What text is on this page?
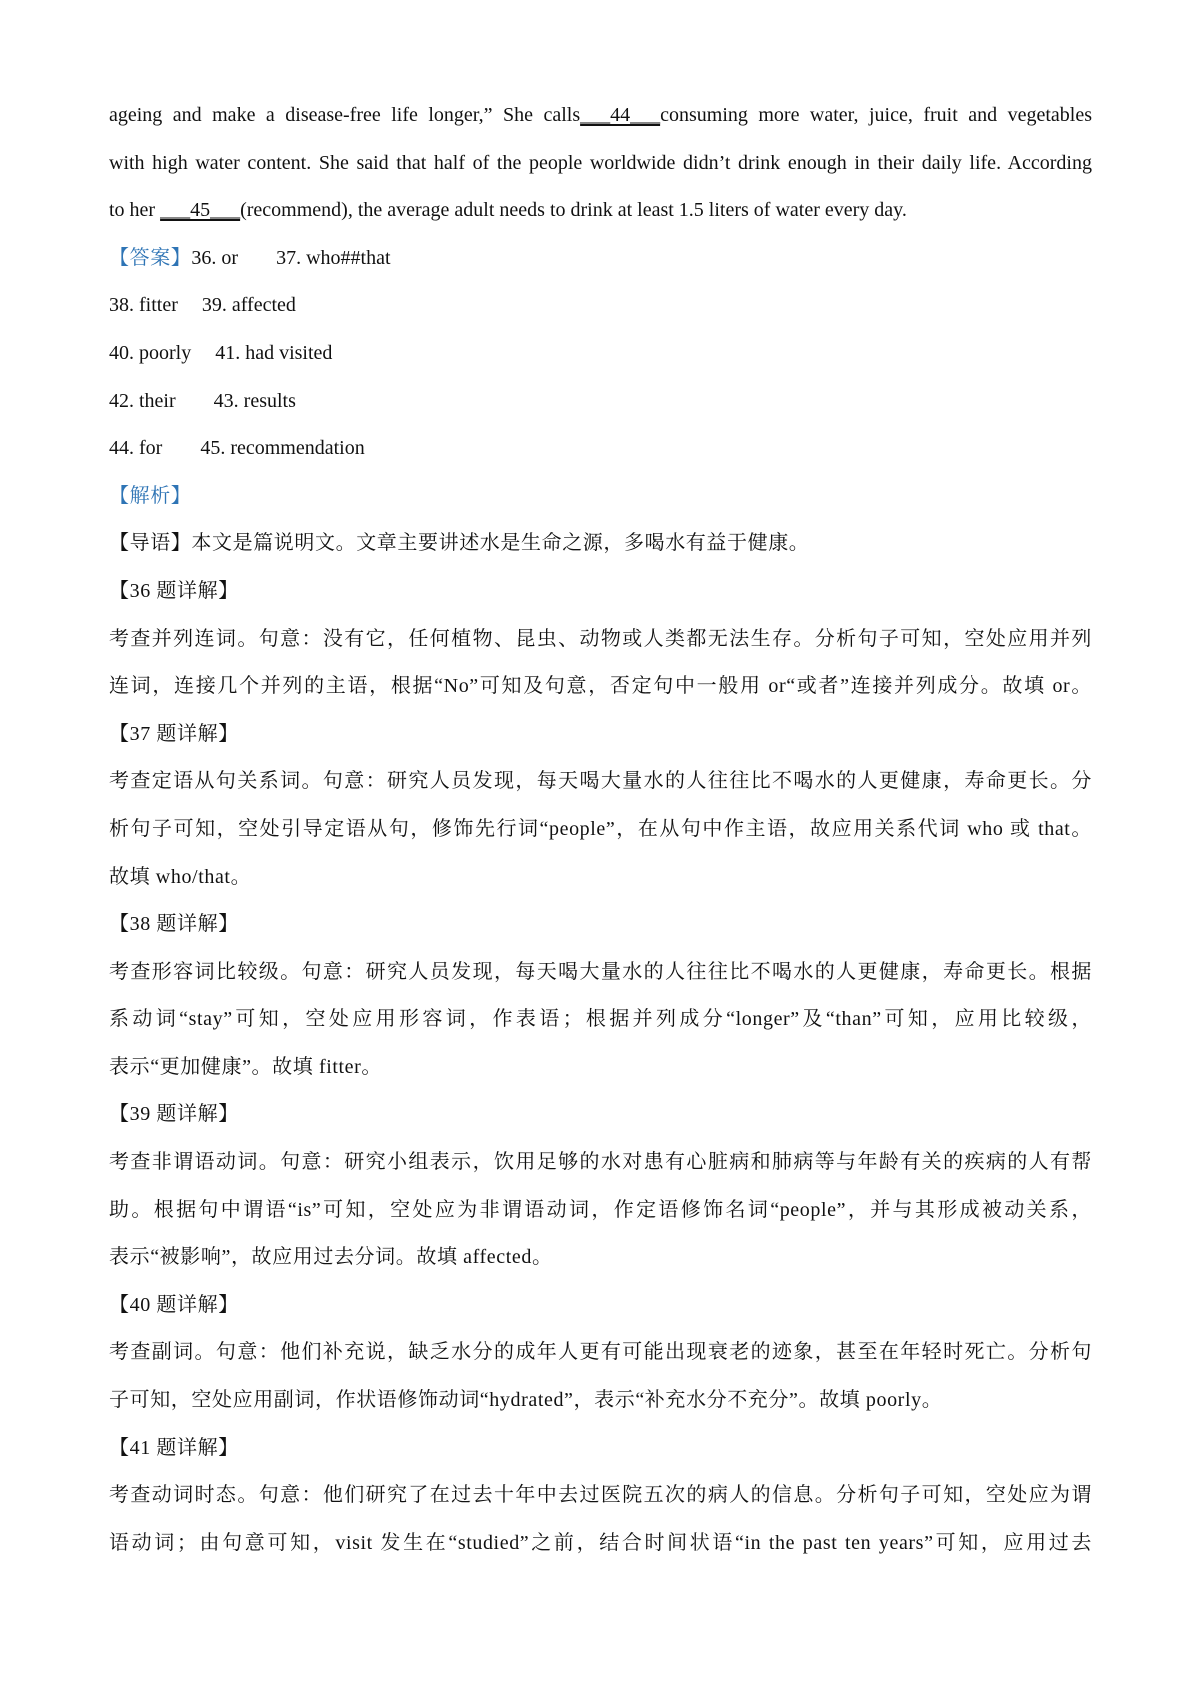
ageing and make a disease-free life longer,” She calls___44___consuming more water, juice, fruit and vegetables

with high water content. She said that half of the people worldwide didn’t drink enough in their daily life. According

to her ___45___(recommend), the average adult needs to drink at least 1.5 liters of water every day.

【答案】36. or 37. who##that

38. fitter 39. affected

40. poorly 41. had visited

42. their 43. results

44. for 45. recommendation

【解析】

【导语】本文是篇说明文。文章主要讲述水是生命之源，多喝水有益于健康。

【36 题详解】

考查并列连词。句意：没有它，任何植物、昆虫、动物或人类都无法生存。分析句子可知，空处应用并列

连词，连接几个并列的主语，根据“No”可知及句意，否定句中一般用 or“或者”连接并列成分。故填 or。

【37 题详解】

考查定语从句关系词。句意：研究人员发现，每天喝大量水的人往往比不喝水的人更健康，寿命更长。分

析句子可知，空处引导定语从句，修饰先行词“people”，在从句中作主语，故应用关系代词 who 或 that。

故填 who/that。

【38 题详解】

考查形容词比较级。句意：研究人员发现，每天喝大量水的人往往比不喝水的人更健康，寿命更长。根据

系动词“stay”可知，空处应用形容词，作表语；根据并列成分“longer”及“than”可知，应用比较级，

表示“更加健康”。故填 fitter。

【39 题详解】

考查非谓语动词。句意：研究小组表示，饮用足够的水对患有心脏病和肺病等与年龄有关的疾病的人有帮

助。根据句中谓语“is”可知，空处应为非谓语动词，作定语修饰名词“people”，并与其形成被动关系，

表示“被影响”，故应用过去分词。故填 affected。

【40 题详解】

考查副词。句意：他们补充说，缺乏水分的成年人更有可能出现衰老的迹象，甚至在年轻时死亡。分析句

子可知，空处应用副词，作状语修饰动词“hydrated”，表示“补充水分不充分”。故填 poorly。

【41 题详解】

考查动词时态。句意：他们研究了在过去十年中去过医院五次的病人的信息。分析句子可知，空处应为谓

语动词；由句意可知，visit 发生在“studied”之前，结合时间状语“in the past ten years”可知，应用过去
